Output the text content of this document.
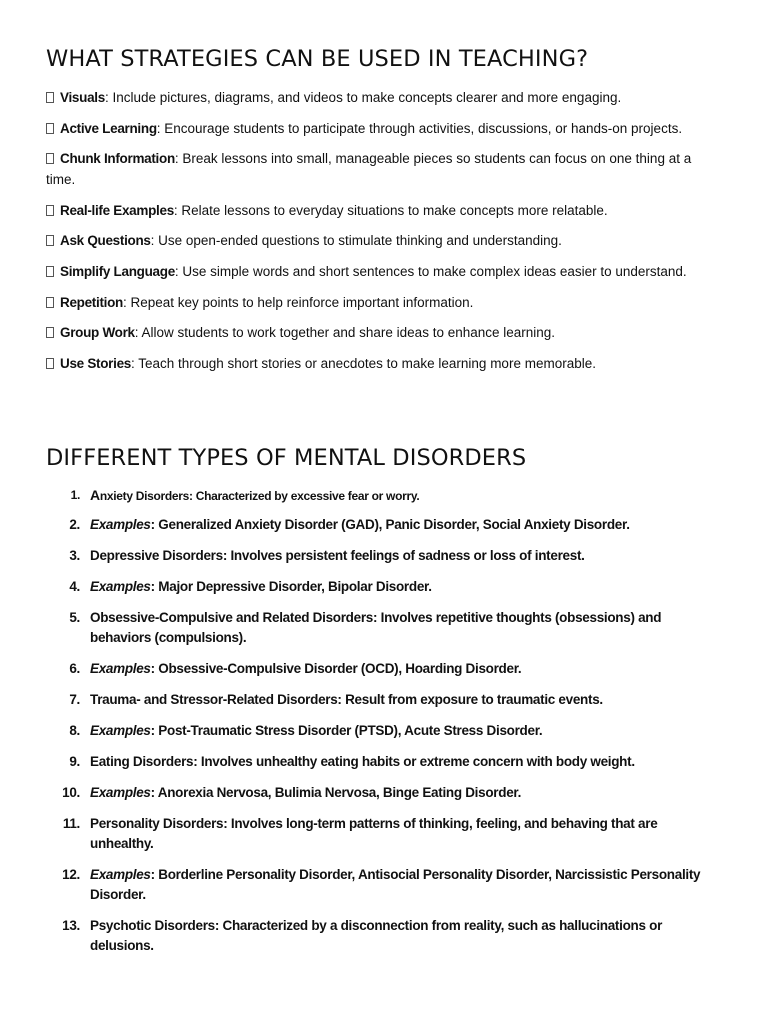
WHAT STRATEGIES CAN BE USED IN TEACHING?
Visuals: Include pictures, diagrams, and videos to make concepts clearer and more engaging.
Active Learning: Encourage students to participate through activities, discussions, or hands-on projects.
Chunk Information: Break lessons into small, manageable pieces so students can focus on one thing at a time.
Real-life Examples: Relate lessons to everyday situations to make concepts more relatable.
Ask Questions: Use open-ended questions to stimulate thinking and understanding.
Simplify Language: Use simple words and short sentences to make complex ideas easier to understand.
Repetition: Repeat key points to help reinforce important information.
Group Work: Allow students to work together and share ideas to enhance learning.
Use Stories: Teach through short stories or anecdotes to make learning more memorable.
DIFFERENT TYPES OF MENTAL DISORDERS
1. Anxiety Disorders: Characterized by excessive fear or worry.
2. Examples: Generalized Anxiety Disorder (GAD), Panic Disorder, Social Anxiety Disorder.
3. Depressive Disorders: Involves persistent feelings of sadness or loss of interest.
4. Examples: Major Depressive Disorder, Bipolar Disorder.
5. Obsessive-Compulsive and Related Disorders: Involves repetitive thoughts (obsessions) and behaviors (compulsions).
6. Examples: Obsessive-Compulsive Disorder (OCD), Hoarding Disorder.
7. Trauma- and Stressor-Related Disorders: Result from exposure to traumatic events.
8. Examples: Post-Traumatic Stress Disorder (PTSD), Acute Stress Disorder.
9. Eating Disorders: Involves unhealthy eating habits or extreme concern with body weight.
10. Examples: Anorexia Nervosa, Bulimia Nervosa, Binge Eating Disorder.
11. Personality Disorders: Involves long-term patterns of thinking, feeling, and behaving that are unhealthy.
12. Examples: Borderline Personality Disorder, Antisocial Personality Disorder, Narcissistic Personality Disorder.
13. Psychotic Disorders: Characterized by a disconnection from reality, such as hallucinations or delusions.
